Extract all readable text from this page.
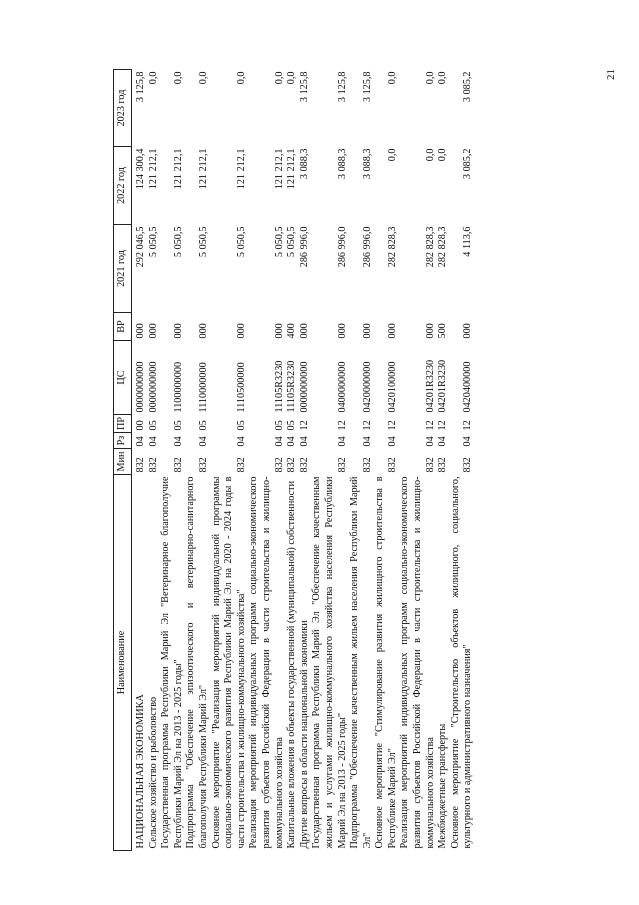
21
Наименование	Мин	Рз	ПР	ЦС	ВР	2021 год	2022 год	2023 год
НАЦИОНАЛЬНАЯ ЭКОНОМИКА	832	04	00	0000000000	000	292 046,5	124 300,4	3 125,8
Сельское хозяйство и рыболовство	832	04	05	0000000000	000	5 050,5	121 212,1	0,0
Государственная программа Республики Марий Эл "Ветеринарное благополучие Республики Марий Эл на 2013 - 2025 годы"	832	04	05	1100000000	000	5 050,5	121 212,1	0,0
Подпрограмма "Обеспечение эпизоотического и ветеринарно-санитарного благополучия Республики Марий Эл"	832	04	05	1110000000	000	5 050,5	121 212,1	0,0
Основное мероприятие "Реализация мероприятий индивидуальной программы социально-экономического развития Республики Марий Эл на 2020 - 2024 годы в части строительства и жилищно-коммунального хозяйства"	832	04	05	1110500000	000	5 050,5	121 212,1	0,0
Реализация мероприятий индивидуальных программ социально-экономического развития субъектов Российской Федерации в части строительства и жилищно-коммунального хозяйства	832	04	05	11105R3230	000	5 050,5	121 212,1	0,0
Капитальные вложения в объекты государственной (муниципальной) собственности	832	04	05	11105R3230	400	5 050,5	121 212,1	0,0
Другие вопросы в области национальной экономики	832	04	12	0000000000	000	286 996,0	3 088,3	3 125,8
Государственная программа Республики Марий Эл "Обеспечение качественным жильем и услугами жилищно-коммунального хозяйства населения Республики Марий Эл на 2013 - 2025 годы"	832	04	12	0400000000	000	286 996,0	3 088,3	3 125,8
Подпрограмма "Обеспечение качественным жильем населения Республики Марий Эл"	832	04	12	0420000000	000	286 996,0	3 088,3	3 125,8
Основное мероприятие "Стимулирование развития жилищного строительства в Республике Марий Эл"	832	04	12	0420100000	000	282 828,3	0,0	0,0
Реализация мероприятий индивидуальных программ социально-экономического развития субъектов Российской Федерации в части строительства и жилищно-коммунального хозяйства	832	04	12	04201R3230	000	282 828,3	0,0	0,0
Межбюджетные трансферты	832	04	12	04201R3230	500	282 828,3	0,0	0,0
Основное мероприятие "Строительство объектов жилищного, социального, культурного и административного назначения"	832	04	12	0420400000	000	4 113,6	3 085,2	3 085,2
